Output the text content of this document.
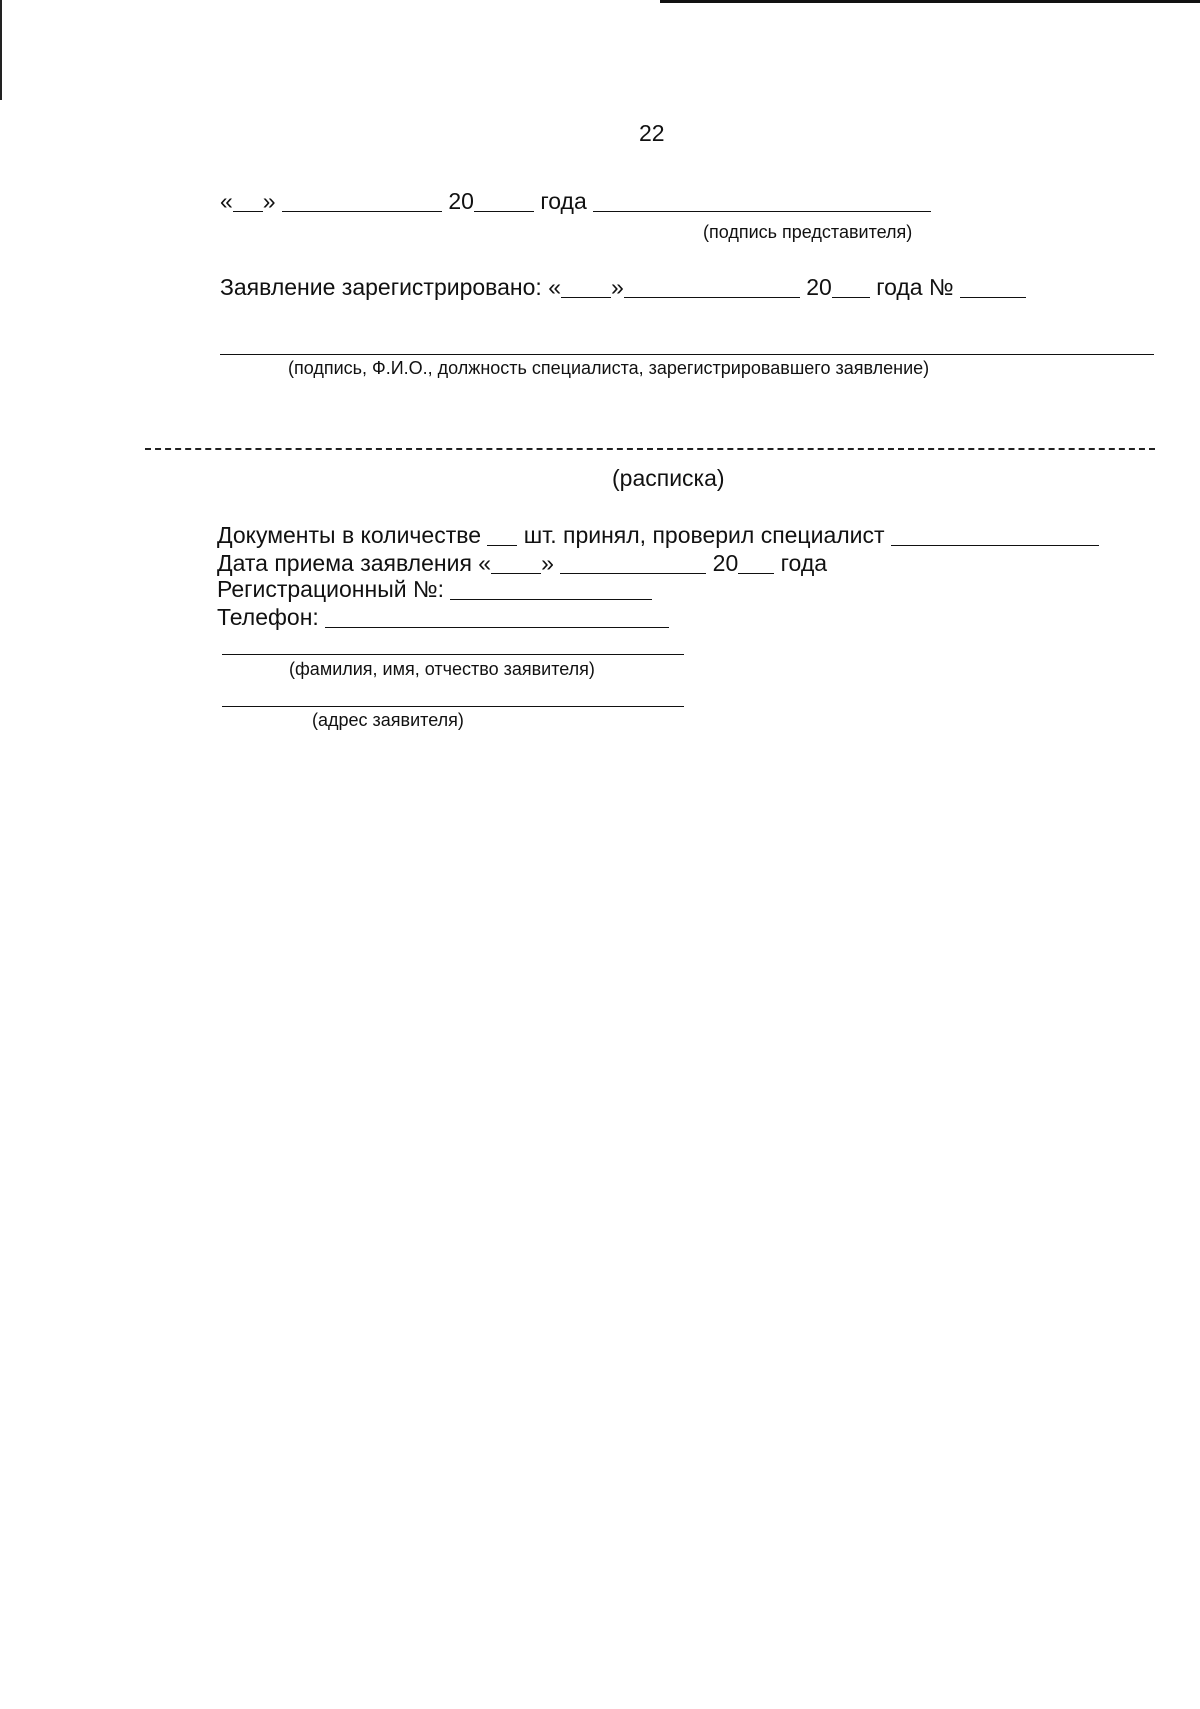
22
« »	20	года
(подпись представителя)
Заявление зарегистрировано: « »	20 года №
(подпись, Ф.И.О., должность специалиста, зарегистрировавшего заявление)
(расписка)
Документы в количестве шт. принял, проверил специалист
Дата приема заявления « »	20 года
Регистрационный №:
Телефон:
(фамилия, имя, отчество заявителя)
(адрес заявителя)
